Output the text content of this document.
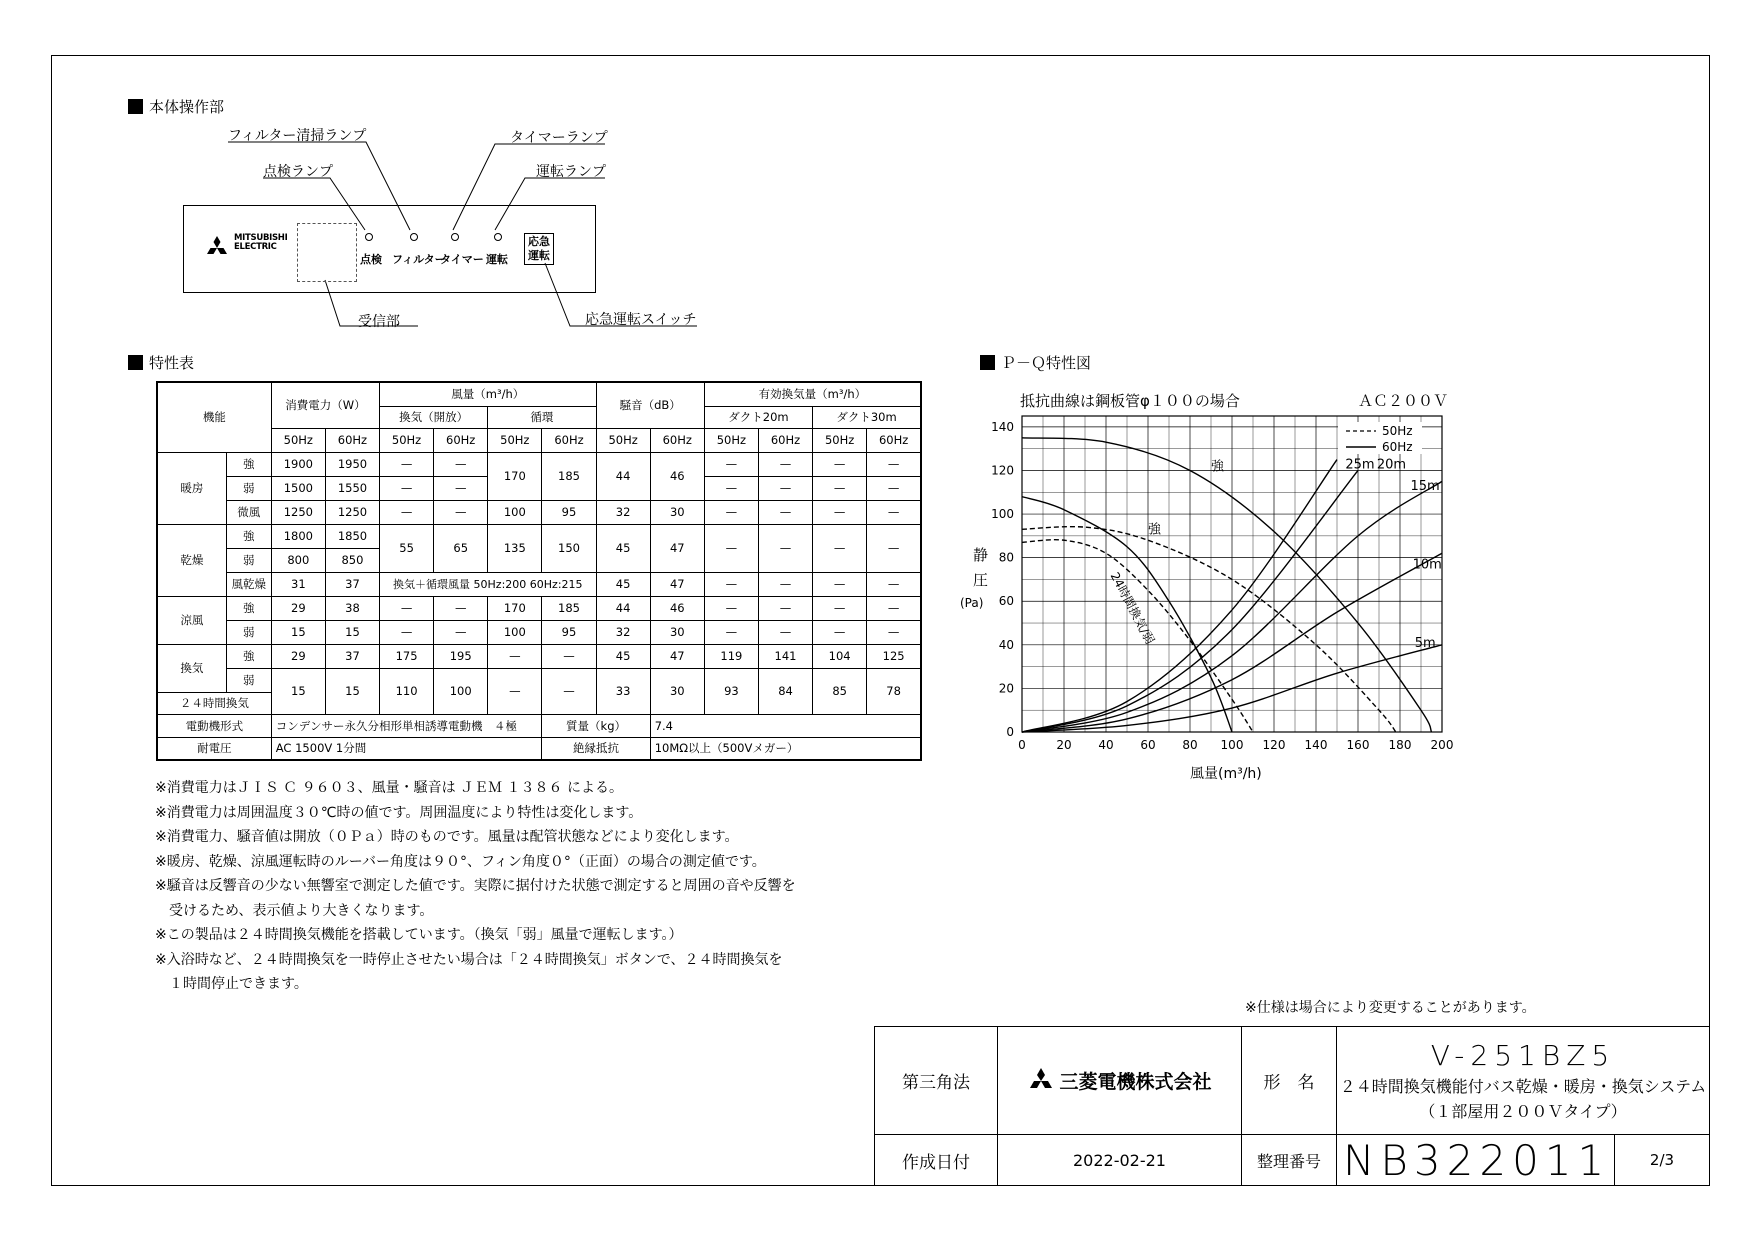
本体操作部
フィルター清掃ランプ
点検ランプ
タイマーランプ
運転ランプ
受信部	応急運転スイッチ
MITSUBISHI
ELECTRIC
点検 フィルター
タイマー 運転
応急
運転
特性表
機能		消費電力（W）		風量（m³/h）				騒音（dB）		有効換気量（m³/h）			
				換気（開放）		循環				ダクト20m		ダクト30m	
		50Hz	60Hz	50Hz	60Hz	50Hz	60Hz	50Hz	60Hz	50Hz	60Hz	50Hz	60Hz
暖房	強	1900	1950	—	—	170	185	44	46	—	—	—	—
	弱	1500	1550	—	—					—	—	—	—
	微風	1250	1250	—	—	100	95	32	30	—	—	—	—
乾燥	強	1800	1850	55	65	135	150	45	47	—	—	—	—
	弱	800	850										
	風乾燥	31	37	換気＋循環風量 50Hz:200 60Hz:215				45	47	—	—	—	—
涼風	強	29	38	—	—	170	185	44	46	—	—	—	—
	弱	15	15	—	—	100	95	32	30	—	—	—	—
換気	強	29	37	175	195	—	—	45	47	119	141	104	125
	弱	15	15	110	100	—	—	33	30	93	84	85	78
２４時間換気													
電動機形式		コンデンサー永久分相形単相誘導電動機　４極					質量（kg）		7.4				
耐電圧		AC 1500V 1分間					絶縁抵抗		10MΩ以上（500Vメガー）				
※消費電力はＪＩＳ Ｃ ９６０３、風量・騒音は ＪＥＭ １３８６ による。
※消費電力は周囲温度３０℃時の値です。周囲温度により特性は変化します。
※消費電力、騒音値は開放（０Ｐａ）時のものです。風量は配管状態などにより変化します。
※暖房、乾燥、涼風運転時のルーバー角度は９０°、フィン角度０°（正面）の場合の測定値です。
※騒音は反響音の少ない無響室で測定した値です。実際に据付けた状態で測定すると周囲の音や反響を
　受けるため、表示値より大きくなります。
※この製品は２４時間換気機能を搭載しています。（換気「弱」風量で運転します。）
※入浴時など、２４時間換気を一時停止させたい場合は「２４時間換気」ボタンで、２４時間換気を
　１時間停止できます。
Ｐ－Ｑ特性図
抵抗曲線は鋼板管φ１００の場合	ＡＣ２００Ｖ
静
圧
(Pa)
風量(m³/h)
0	20 40 60 80 100 120 140 160 180 200
0
20
40
60
80
100
120
140
強
強
24時間換気/弱
25m 20m
15m
10m
5m
50Hz
60Hz
※仕様は場合により変更することがあります。
第三角法	三菱電機株式会社	形　名
V-251BZ5
２４時間換気機能付バス乾燥・暖房・換気システム
（１部屋用２００Ｖタイプ）
作成日付	2022-02-21	整理番号 NB322011	2/3
